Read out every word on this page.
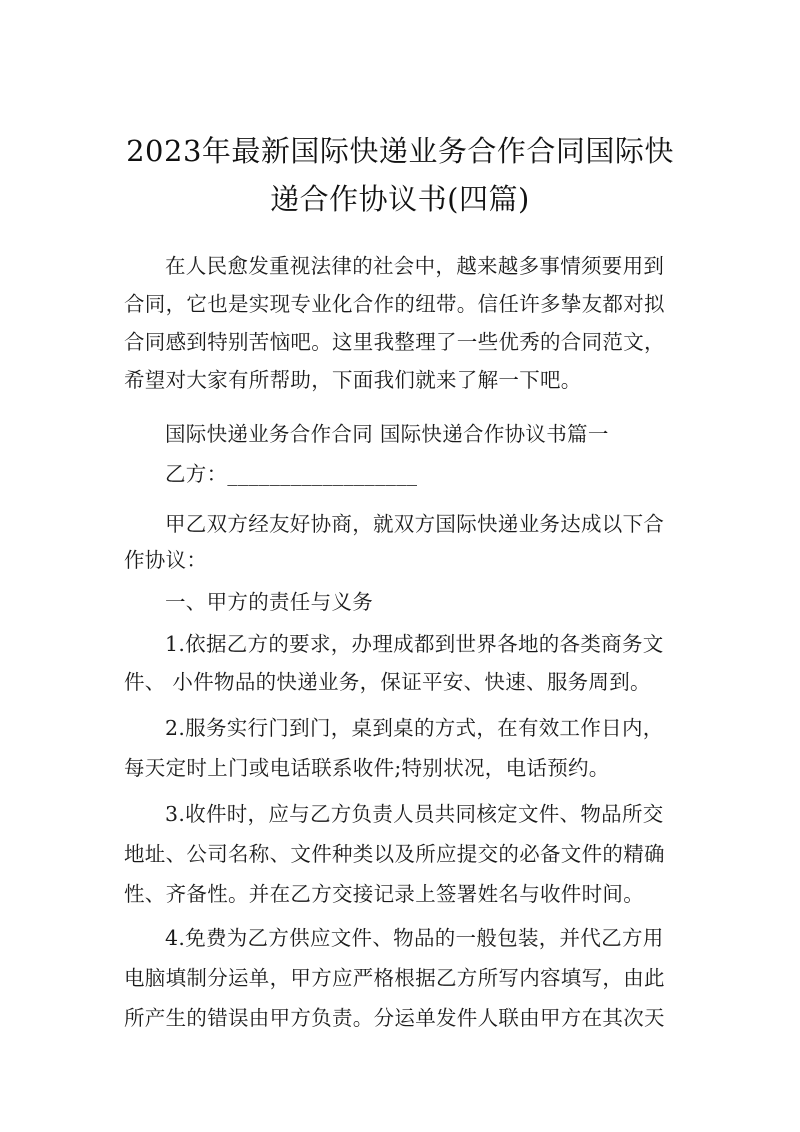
2023年最新国际快递业务合作合同国际快
递合作协议书(四篇)
在人民愈发重视法律的社会中，越来越多事情须要用到
合同，它也是实现专业化合作的纽带。信任许多挚友都对拟
合同感到特别苦恼吧。这里我整理了一些优秀的合同范文，
希望对大家有所帮助，下面我们就来了解一下吧。
国际快递业务合作合同 国际快递合作协议书篇一
乙方：__________________
甲乙双方经友好协商，就双方国际快递业务达成以下合
作协议：
一、甲方的责任与义务
1.依据乙方的要求，办理成都到世界各地的各类商务文
件、 小件物品的快递业务，保证平安、快速、服务周到。
2.服务实行门到门，桌到桌的方式，在有效工作日内，
每天定时上门或电话联系收件;特别状况，电话预约。
3.收件时，应与乙方负责人员共同核定文件、物品所交
地址、公司名称、文件种类以及所应提交的必备文件的精确
性、齐备性。并在乙方交接记录上签署姓名与收件时间。
4.免费为乙方供应文件、物品的一般包装，并代乙方用
电脑填制分运单，甲方应严格根据乙方所写内容填写，由此
所产生的错误由甲方负责。分运单发件人联由甲方在其次天
